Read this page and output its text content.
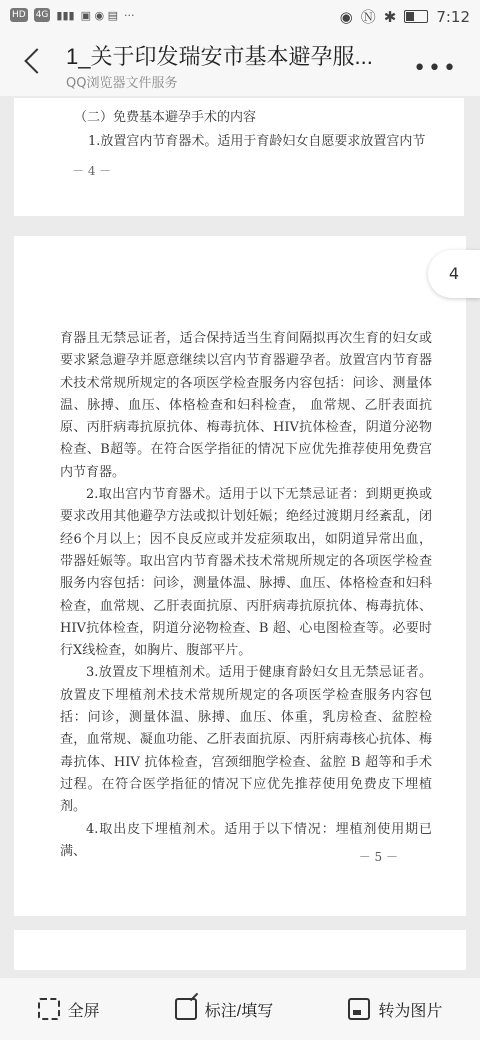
HD 4G ▮▮▮ ▣ ◉ ▤ ···	◉ Ⓝ ✱	7:12
1_关于印发瑞安市基本避孕服...
QQ浏览器文件服务
•••
（二）免费基本避孕手术的内容
1.放置宫内节育器术。适用于育龄妇女自愿要求放置宫内节
－ 4 －

育器且无禁忌证者，适合保持适当生育间隔拟再次生育的妇女或要求紧急避孕并愿意继续以宫内节育器避孕者。放置宫内节育器术技术常规所规定的各项医学检查服务内容包括：问诊、测量体温、脉搏、血压、体格检查和妇科检查， 血常规、乙肝表面抗原、丙肝病毒抗原抗体、梅毒抗体、HIV抗体检查，阴道分泌物检查、B超等。在符合医学指征的情况下应优先推荐使用免费宫内节育器。

2.取出宫内节育器术。适用于以下无禁忌证者：到期更换或要求改用其他避孕方法或拟计划妊娠；绝经过渡期月经紊乱，闭经6个月以上；因不良反应或并发症须取出，如阴道异常出血，带器妊娠等。取出宫内节育器术技术常规所规定的各项医学检查服务内容包括：问诊，测量体温、脉搏、血压、体格检查和妇科检查，血常规、乙肝表面抗原、丙肝病毒抗原抗体、梅毒抗体、HIV抗体检查，阴道分泌物检查、B 超、心电图检查等。必要时行X线检查，如胸片、腹部平片。

3.放置皮下埋植剂术。适用于健康育龄妇女且无禁忌证者。放置皮下埋植剂术技术常规所规定的各项医学检查服务内容包括：问诊，测量体温、脉搏、血压、体重，乳房检查、盆腔检查，血常规、凝血功能、乙肝表面抗原、丙肝病毒核心抗体、梅毒抗体、HIV 抗体检查，宫颈细胞学检查、盆腔 B 超等和手术过程。在符合医学指征的情况下应优先推荐使用免费皮下埋植剂。

4.取出皮下埋植剂术。适用于以下情况：埋植剂使用期已满、	－ 5 －
4
全屏	标注/填写	转为图片
